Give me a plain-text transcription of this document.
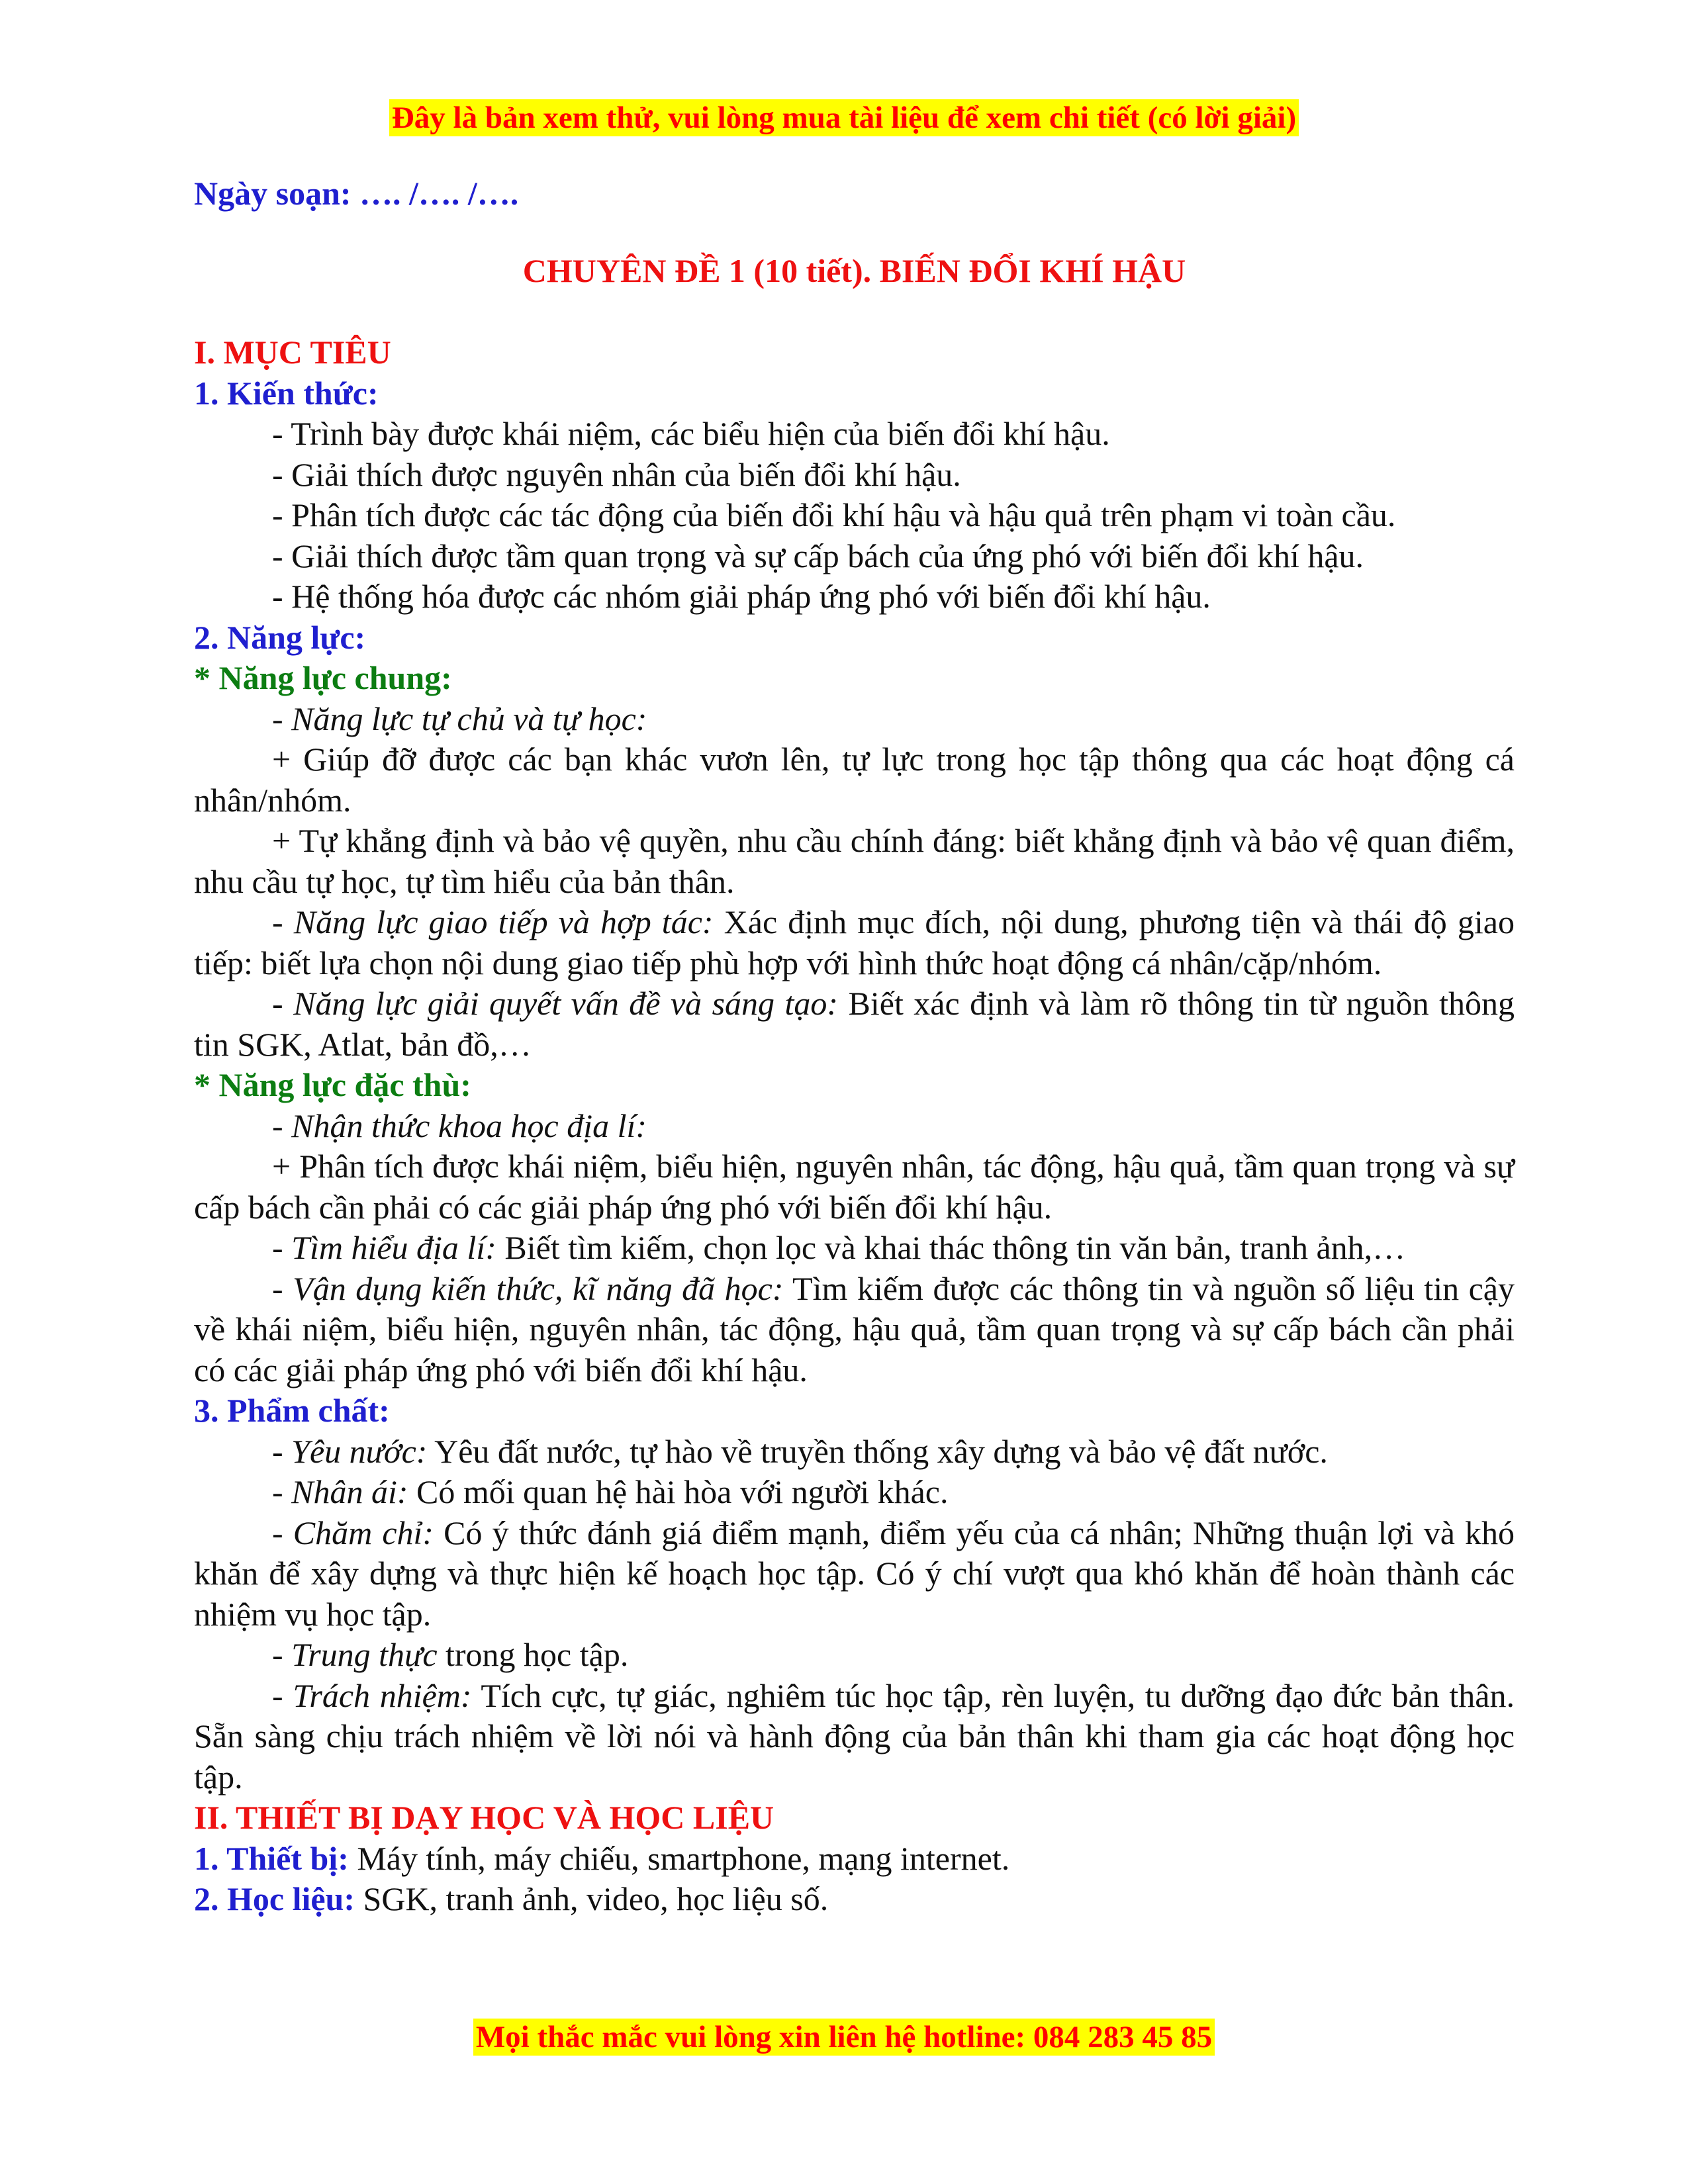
Đây là bản xem thử, vui lòng mua tài liệu để xem chi tiết (có lời giải)

Ngày soạn: …. /…. /….

CHUYÊN ĐỀ 1 (10 tiết). BIẾN ĐỔI KHÍ HẬU

I. MỤC TIÊU

1. Kiến thức:

- Trình bày được khái niệm, các biểu hiện của biến đổi khí hậu.

- Giải thích được nguyên nhân của biến đổi khí hậu.

- Phân tích được các tác động của biến đổi khí hậu và hậu quả trên phạm vi toàn cầu.

- Giải thích được tầm quan trọng và sự cấp bách của ứng phó với biến đổi khí hậu.

- Hệ thống hóa được các nhóm giải pháp ứng phó với biến đổi khí hậu.

2. Năng lực:

* Năng lực chung:

- Năng lực tự chủ và tự học:

+ Giúp đỡ được các bạn khác vươn lên, tự lực trong học tập thông qua các hoạt động cá nhân/nhóm.

+ Tự khẳng định và bảo vệ quyền, nhu cầu chính đáng: biết khẳng định và bảo vệ quan điểm, nhu cầu tự học, tự tìm hiểu của bản thân.

- Năng lực giao tiếp và hợp tác: Xác định mục đích, nội dung, phương tiện và thái độ giao tiếp: biết lựa chọn nội dung giao tiếp phù hợp với hình thức hoạt động cá nhân/cặp/nhóm.

- Năng lực giải quyết vấn đề và sáng tạo: Biết xác định và làm rõ thông tin từ nguồn thông tin SGK, Atlat, bản đồ,…

* Năng lực đặc thù:

- Nhận thức khoa học địa lí:

+ Phân tích được khái niệm, biểu hiện, nguyên nhân, tác động, hậu quả, tầm quan trọng và sự cấp bách cần phải có các giải pháp ứng phó với biến đổi khí hậu.

- Tìm hiểu địa lí: Biết tìm kiếm, chọn lọc và khai thác thông tin văn bản, tranh ảnh,…

- Vận dụng kiến thức, kĩ năng đã học: Tìm kiếm được các thông tin và nguồn số liệu tin cậy về khái niệm, biểu hiện, nguyên nhân, tác động, hậu quả, tầm quan trọng và sự cấp bách cần phải có các giải pháp ứng phó với biến đổi khí hậu.

3. Phẩm chất:

- Yêu nước: Yêu đất nước, tự hào về truyền thống xây dựng và bảo vệ đất nước.

- Nhân ái: Có mối quan hệ hài hòa với người khác.

- Chăm chỉ: Có ý thức đánh giá điểm mạnh, điểm yếu của cá nhân; Những thuận lợi và khó khăn để xây dựng và thực hiện kế hoạch học tập. Có ý chí vượt qua khó khăn để hoàn thành các nhiệm vụ học tập.

- Trung thực trong học tập.

- Trách nhiệm: Tích cực, tự giác, nghiêm túc học tập, rèn luyện, tu dưỡng đạo đức bản thân. Sẵn sàng chịu trách nhiệm về lời nói và hành động của bản thân khi tham gia các hoạt động học tập.

II. THIẾT BỊ DẠY HỌC VÀ HỌC LIỆU

1. Thiết bị: Máy tính, máy chiếu, smartphone, mạng internet.

2. Học liệu: SGK, tranh ảnh, video, học liệu số.

Mọi thắc mắc vui lòng xin liên hệ hotline: 084 283 45 85
